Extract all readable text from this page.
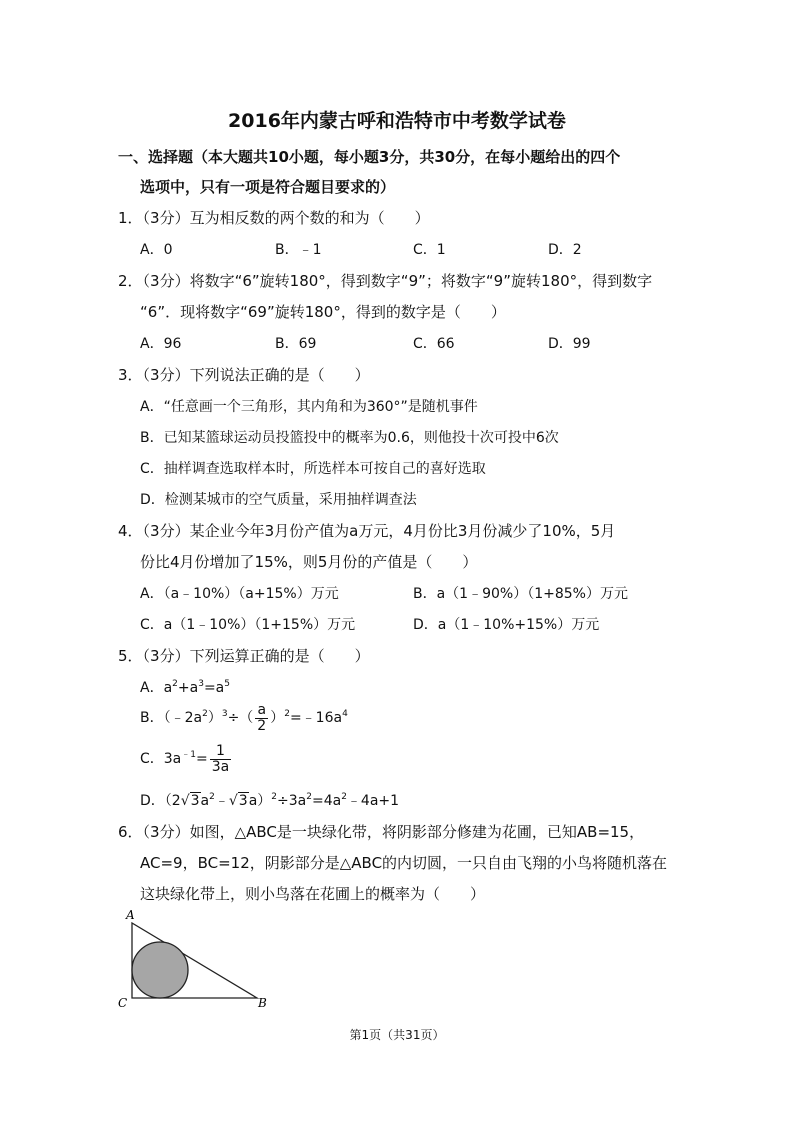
2016年内蒙古呼和浩特市中考数学试卷
一、选择题（本大题共10小题，每小题3分，共30分，在每小题给出的四个
选项中，只有一项是符合题目要求的）
1．（3分）互为相反数的两个数的和为（　　）
A．0	B．﹣1	C．1	D．2
2．（3分）将数字“6”旋转180°，得到数字“9”；将数字“9”旋转180°，得到数字
“6”．现将数字“69”旋转180°，得到的数字是（　　）
A．96	B．69	C．66	D．99
3．（3分）下列说法正确的是（　　）
A．“任意画一个三角形，其内角和为360°”是随机事件
B．已知某篮球运动员投篮投中的概率为0.6，则他投十次可投中6次
C．抽样调查选取样本时，所选样本可按自己的喜好选取
D．检测某城市的空气质量，采用抽样调查法
4．（3分）某企业今年3月份产值为a万元，4月份比3月份减少了10%，5月
份比4月份增加了15%，则5月份的产值是（　　）
A．（a﹣10%）（a+15%）万元	B．a（1﹣90%）（1+85%）万元
C．a（1﹣10%）（1+15%）万元	D．a（1﹣10%+15%）万元
5．（3分）下列运算正确的是（　　）
A．$a^2+a^3=a^5$
B．$(﹣2a^2)^3\div( \frac{a}{2}$ ）$^2=﹣16a^4$
C．$3a^{﹣1}= \frac{1}{3a}$
D．$(2√3a^2﹣√3a)^2\div 3a^2=4a^2﹣4a+1$
6．（3分）如图，△ABC是一块绿化带，将阴影部分修建为花圃，已知AB=15，
AC=9，BC=12，阴影部分是△ABC的内切圆，一只自由飞翔的小鸟将随机落在
这块绿化带上，则小鸟落在花圃上的概率为（　　）
A
C	B
第1页（共31页）
